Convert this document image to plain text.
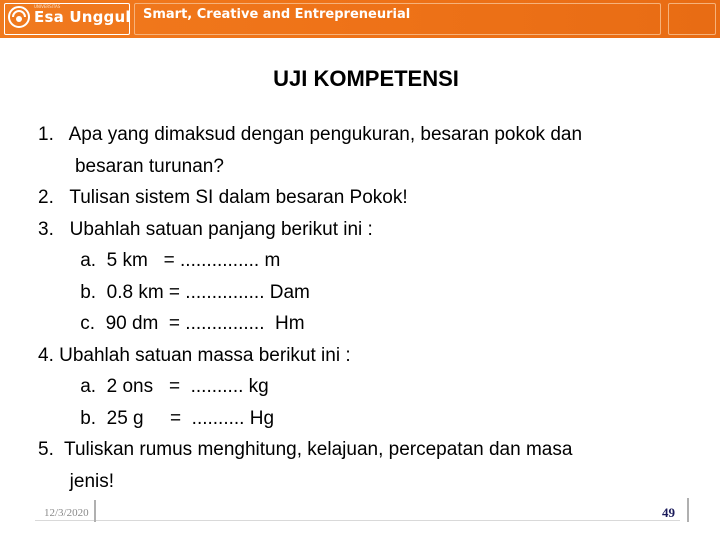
UNIVERSITAS
Esa Unggul Smart, Creative and Entrepreneurial
UJI KOMPETENSI
1.   Apa yang dimaksud dengan pengukuran, besaran pokok dan
besaran turunan?
2.   Tulisan sistem SI dalam besaran Pokok!
3.   Ubahlah satuan panjang berikut ini :
a.  5 km   = ............... m
b.  0.8 km = ............... Dam
c.  90 dm  = ...............  Hm
4. Ubahlah satuan massa berikut ini :
a.  2 ons   =  .......... kg
b.  25 g     =  .......... Hg
5.  Tuliskan rumus menghitung, kelajuan, percepatan dan masa
jenis!
12/3/2020	49
